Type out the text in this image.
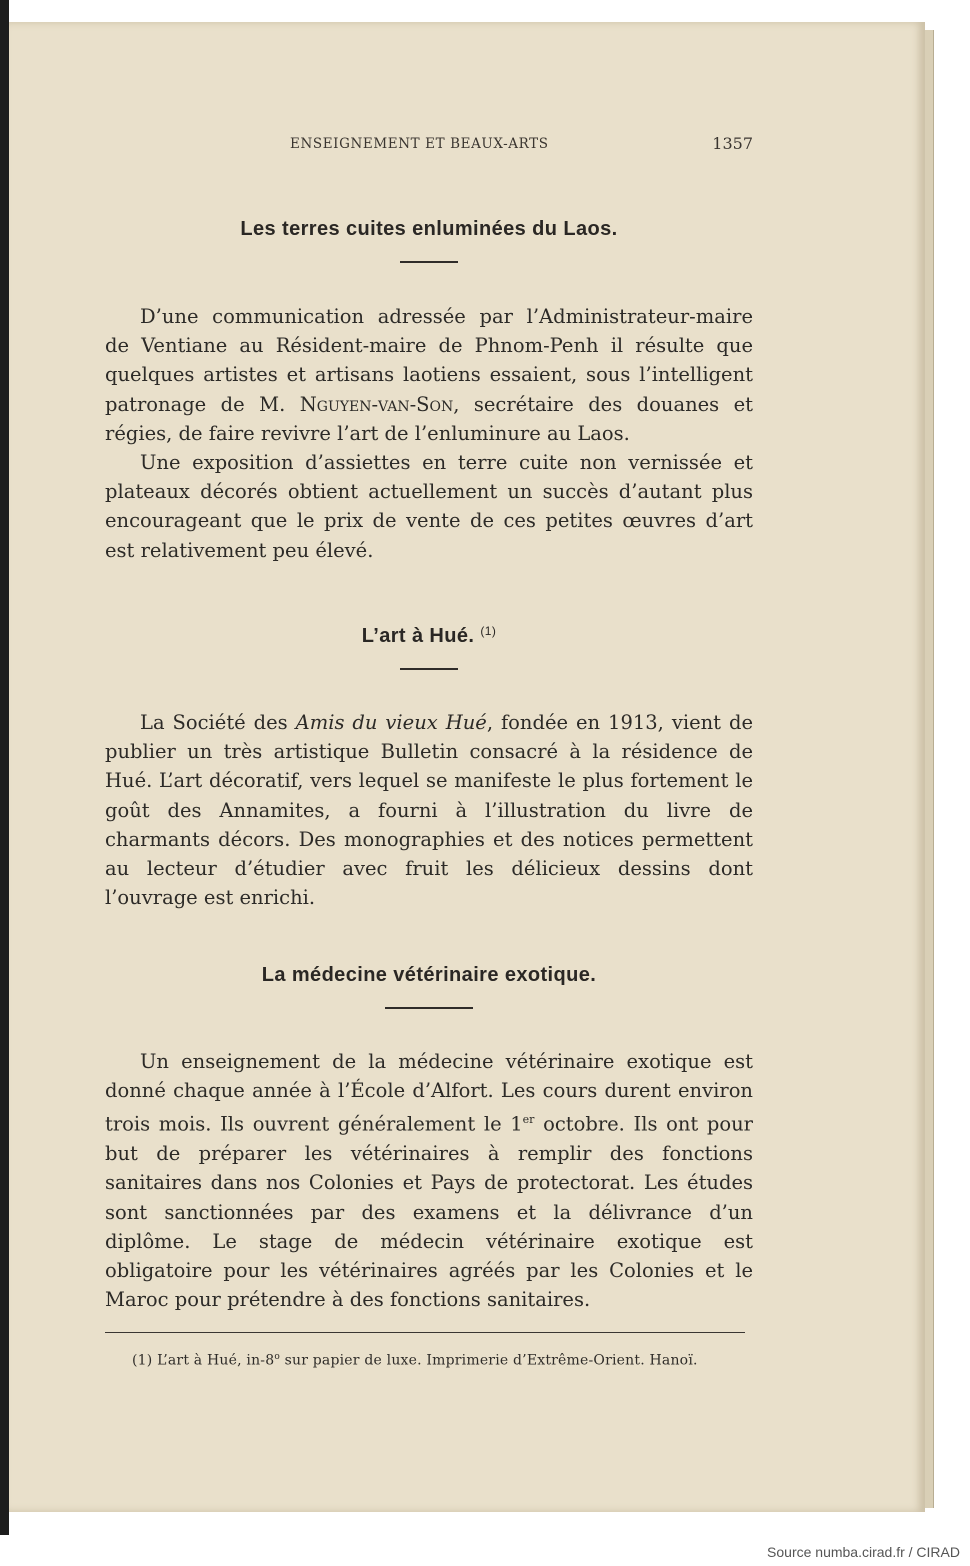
ENSEIGNEMENT ET BEAUX-ARTS	1357
Les terres cuites enluminées du Laos.

D’une communication adressée par l’Administrateur-maire de Ventiane au Résident-maire de Phnom-Penh il résulte que quelques artistes et artisans laotiens essaient, sous l’intelligent patronage de M. Nguyen-van-Son, secrétaire des douanes et régies, de faire revivre l’art de l’enluminure au Laos.

Une exposition d’assiettes en terre cuite non vernissée et plateaux décorés obtient actuellement un succès d’autant plus encourageant que le prix de vente de ces petites œuvres d’art est relativement peu élevé.

L’art à Hué. $^{(1)}$

La Société des Amis du vieux Hué, fondée en 1913, vient de publier un très artistique Bulletin consacré à la résidence de Hué. L’art décoratif, vers lequel se manifeste le plus fortement le goût des Annamites, a fourni à l’illustration du livre de charmants décors. Des monographies et des notices permettent au lecteur d’étudier avec fruit les délicieux dessins dont l’ouvrage est enrichi.

La médecine vétérinaire exotique.

Un enseignement de la médecine vétérinaire exotique est donné chaque année à l’École d’Alfort. Les cours durent environ trois mois. Ils ouvrent généralement le 1er octobre. Ils ont pour but de préparer les vétérinaires à remplir des fonctions sanitaires dans nos Colonies et Pays de protectorat. Les études sont sanctionnées par des examens et la délivrance d’un diplôme. Le stage de médecin vétérinaire exotique est obligatoire pour les vétérinaires agréés par les Colonies et le Maroc pour prétendre à des fonctions sanitaires.

(1) L’art à Hué, in-8$^o$ sur papier de luxe. Imprimerie d’Extrême-Orient. Hanoï.
Source numba.cirad.fr / CIRAD
